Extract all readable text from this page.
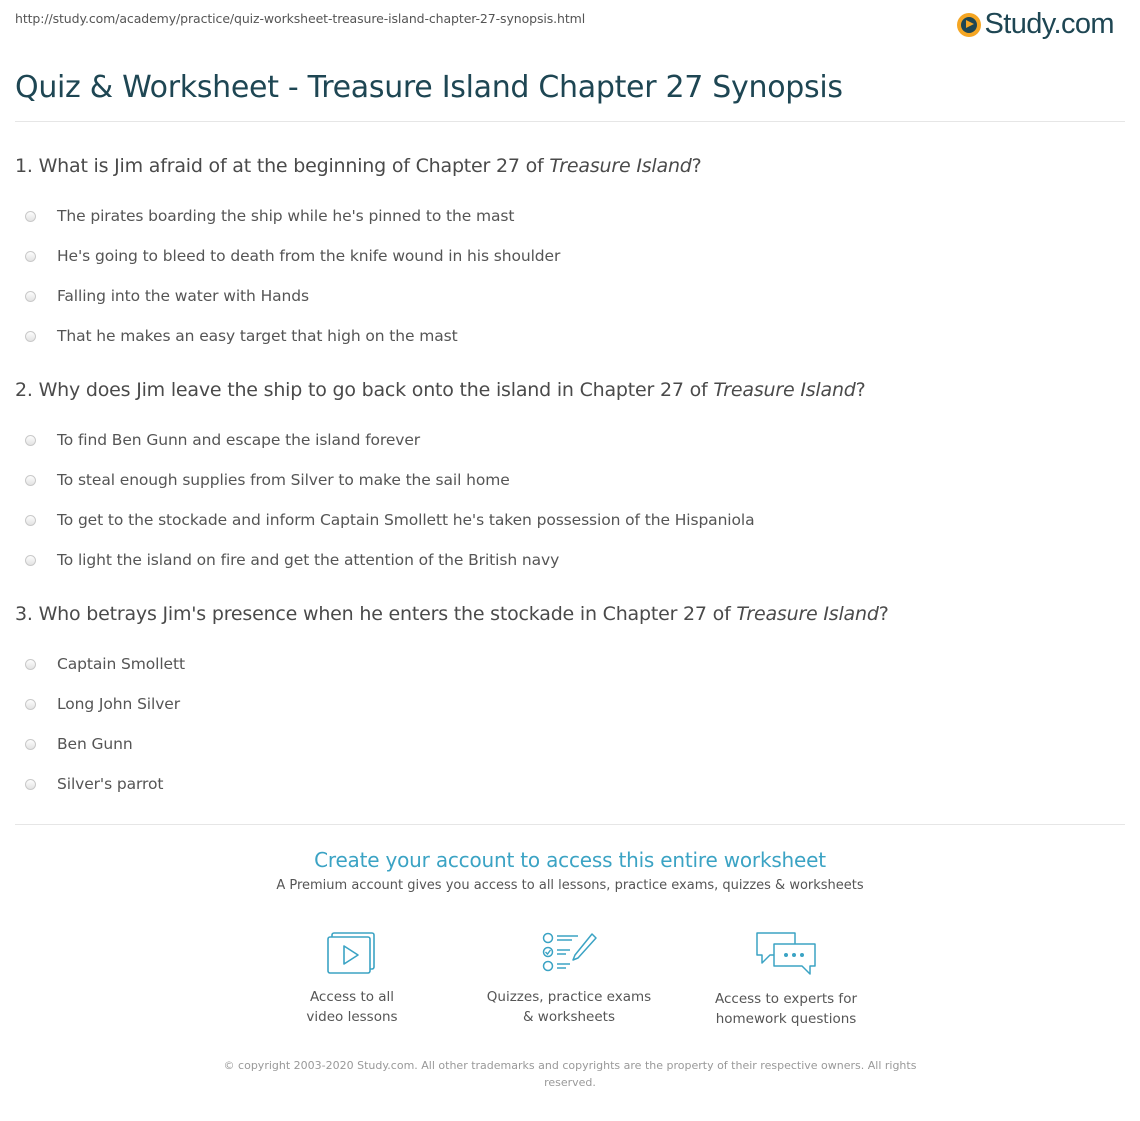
http://study.com/academy/practice/quiz-worksheet-treasure-island-chapter-27-synopsis.html	Study.com
Quiz & Worksheet - Treasure Island Chapter 27 Synopsis
1. What is Jim afraid of at the beginning of Chapter 27 of Treasure Island?
The pirates boarding the ship while he's pinned to the mast
He's going to bleed to death from the knife wound in his shoulder
Falling into the water with Hands
That he makes an easy target that high on the mast
2. Why does Jim leave the ship to go back onto the island in Chapter 27 of Treasure Island?
To find Ben Gunn and escape the island forever
To steal enough supplies from Silver to make the sail home
To get to the stockade and inform Captain Smollett he's taken possession of the Hispaniola
To light the island on fire and get the attention of the British navy
3. Who betrays Jim's presence when he enters the stockade in Chapter 27 of Treasure Island?
Captain Smollett
Long John Silver
Ben Gunn
Silver's parrot
Create your account to access this entire worksheet
A Premium account gives you access to all lessons, practice exams, quizzes & worksheets
Access to all
video lessons
Quizzes, practice exams
& worksheets
Access to experts for
homework questions
© copyright 2003-2020 Study.com. All other trademarks and copyrights are the property of their respective owners. All rights reserved.
